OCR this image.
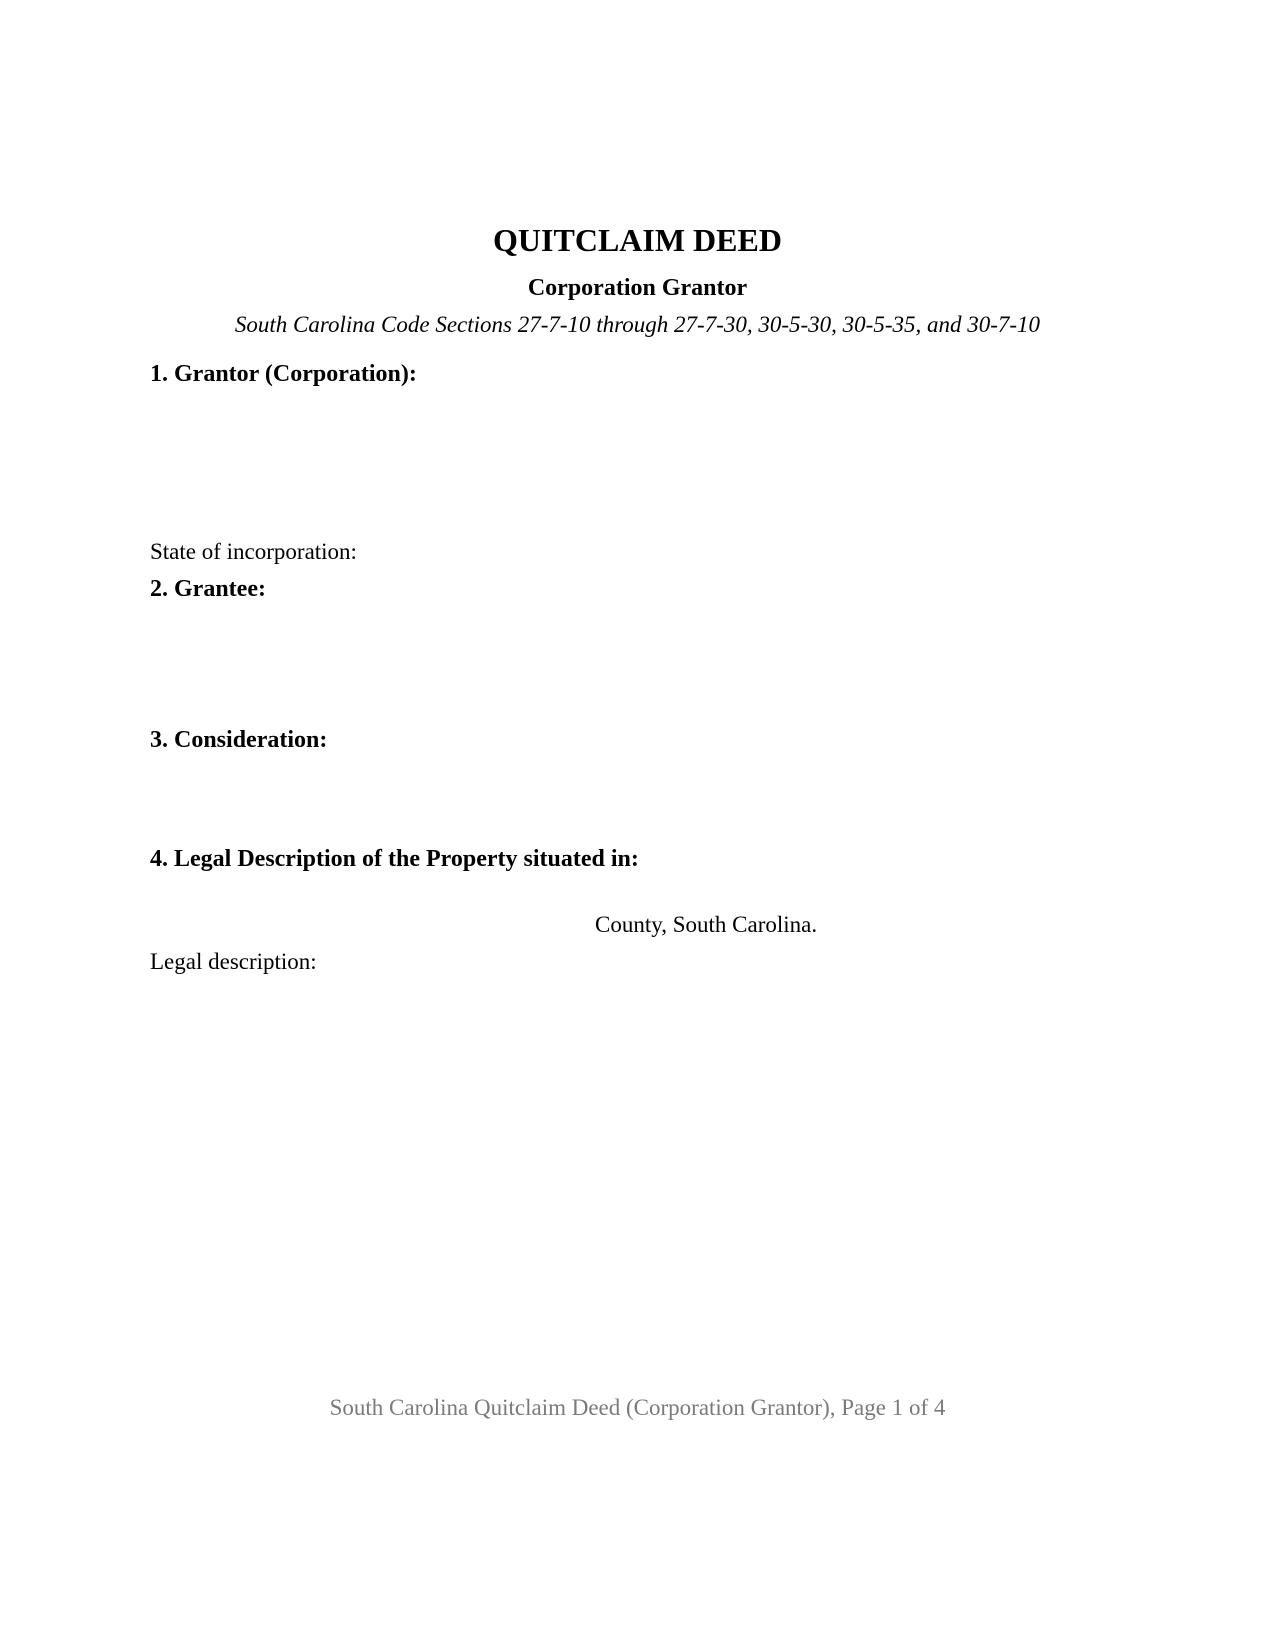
QUITCLAIM DEED
Corporation Grantor
South Carolina Code Sections 27-7-10 through 27-7-30, 30-5-30, 30-5-35, and 30-7-10
1. Grantor (Corporation):
State of incorporation:
2. Grantee:
3. Consideration:
4. Legal Description of the Property situated in:
County, South Carolina.
Legal description:
South Carolina Quitclaim Deed (Corporation Grantor), Page 1 of 4
